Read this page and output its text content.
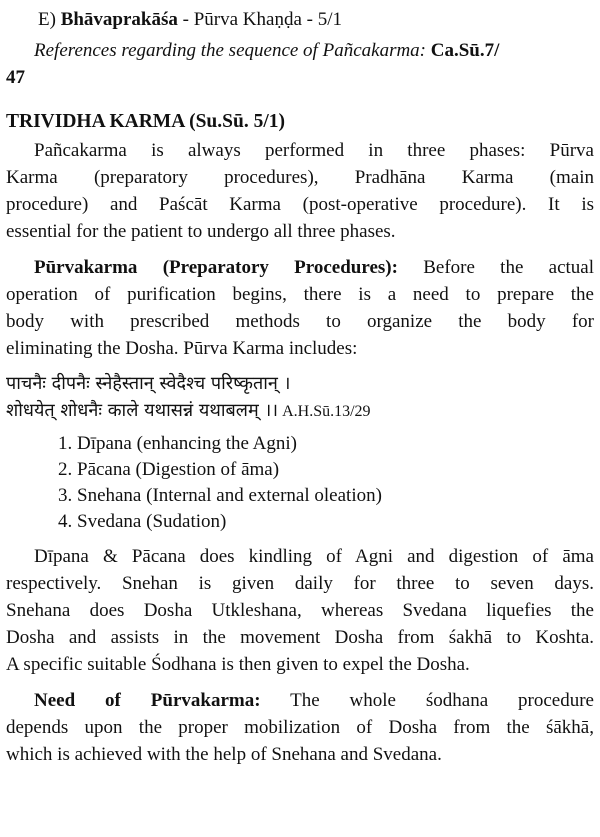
E) Bhāvaprakāśa - Pūrva Khaṇḍa - 5/1

References regarding the sequence of Pañcakarma: Ca.Sū.7/

47

TRIVIDHA KARMA (Su.Sū. 5/1)

Pañcakarma is always performed in three phases: Pūrva

Karma (preparatory procedures), Pradhāna Karma (main

procedure) and Paścāt Karma (post-operative procedure). It is

essential for the patient to undergo all three phases.

Pūrvakarma (Preparatory Procedures): Before the actual

operation of purification begins, there is a need to prepare the

body with prescribed methods to organize the body for

eliminating the Dosha. Pūrva Karma includes:

पाचनैः दीपनैः स्नेहैस्तान् स्वेदैश्च परिष्कृतान् ।

शोधयेत् शोधनैः काले यथासन्नं यथाबलम् ।। A.H.Sū.13/29

1. Dīpana (enhancing the Agni)

2. Pācana (Digestion of āma)

3. Snehana (Internal and external oleation)

4. Svedana (Sudation)

Dīpana & Pācana does kindling of Agni and digestion of āma

respectively. Snehan is given daily for three to seven days.

Snehana does Dosha Utkleshana, whereas Svedana liquefies the

Dosha and assists in the movement Dosha from śakhā to Koshta.

A specific suitable Śodhana is then given to expel the Dosha.

Need of Pūrvakarma: The whole śodhana procedure

depends upon the proper mobilization of Dosha from the śākhā,

which is achieved with the help of Snehana and Svedana.
